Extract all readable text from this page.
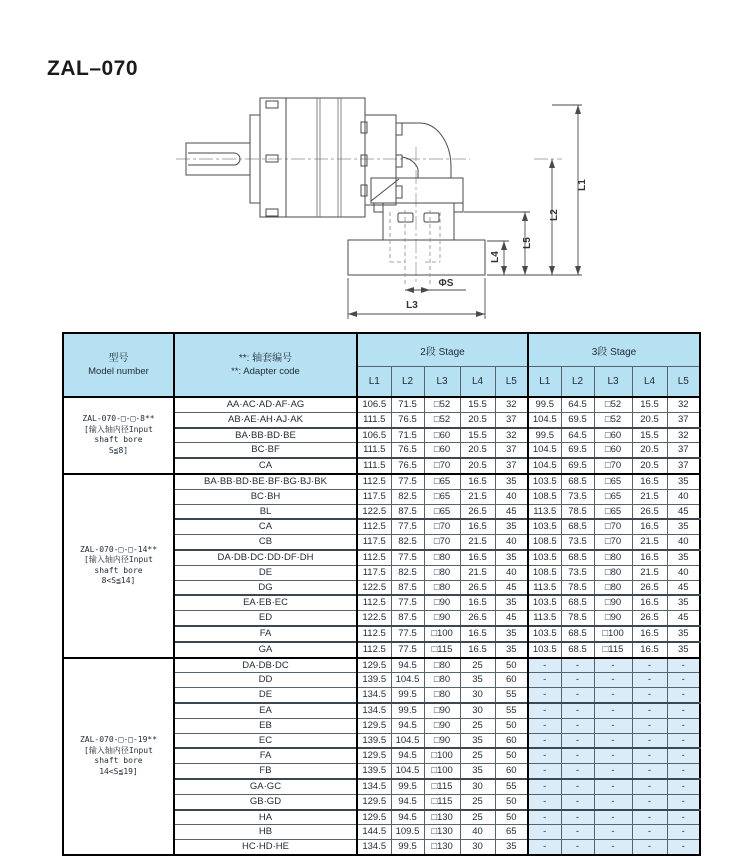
ZAL–070
L1
L2
L5
L4
L3
ΦS
型号
Model number

**: 轴套编号
**: Adapter code
	2段 Stage	3段 Stage
		L1	L2	L3	L4	L5	L1	L2	L3	L4	L5

ZAL-070-□-□-8**
[输入轴内径Input
shaft bore
S≦8]	AA·AC·AD·AF·AG	106.5	71.5	□52	15.5	32	99.5	64.5	□52	15.5	32
	AB·AE·AH·AJ·AK	111.5	76.5	□52	20.5	37	104.5	69.5	□52	20.5	37
	BA·BB·BD·BE	106.5	71.5	□60	15.5	32	99.5	64.5	□60	15.5	32
	BC·BF	111.5	76.5	□60	20.5	37	104.5	69.5	□60	20.5	37
	CA	111.5	76.5	□70	20.5	37	104.5	69.5	□70	20.5	37

ZAL-070-□-□-14**
[输入轴内径Input
shaft bore
8<S≦14]	BA·BB·BD·BE·BF·BG·BJ·BK	112.5	77.5	□65	16.5	35	103.5	68.5	□65	16.5	35
	BC·BH	117.5	82.5	□65	21.5	40	108.5	73.5	□65	21.5	40
	BL	122.5	87.5	□65	26.5	45	113.5	78.5	□65	26.5	45
	CA	112.5	77.5	□70	16.5	35	103.5	68.5	□70	16.5	35
	CB	117.5	82.5	□70	21.5	40	108.5	73.5	□70	21.5	40
	DA·DB·DC·DD·DF·DH	112.5	77.5	□80	16.5	35	103.5	68.5	□80	16.5	35
	DE	117.5	82.5	□80	21.5	40	108.5	73.5	□80	21.5	40
	DG	122.5	87.5	□80	26.5	45	113.5	78.5	□80	26.5	45
	EA·EB·EC	112.5	77.5	□90	16.5	35	103.5	68.5	□90	16.5	35
	ED	122.5	87.5	□90	26.5	45	113.5	78.5	□90	26.5	45
	FA	112.5	77.5	□100	16.5	35	103.5	68.5	□100	16.5	35
	GA	112.5	77.5	□115	16.5	35	103.5	68.5	□115	16.5	35

ZAL-070-□-□-19**
[输入轴内径Input
shaft bore
14<S≦19]	DA·DB·DC	129.5	94.5	□80	25	50	-	-	-	-	-
	DD	139.5	104.5	□80	35	60	-	-	-	-	-
	DE	134.5	99.5	□80	30	55	-	-	-	-	-
	EA	134.5	99.5	□90	30	55	-	-	-	-	-
	EB	129.5	94.5	□90	25	50	-	-	-	-	-
	EC	139.5	104.5	□90	35	60	-	-	-	-	-
	FA	129.5	94.5	□100	25	50	-	-	-	-	-
	FB	139.5	104.5	□100	35	60	-	-	-	-	-
	GA·GC	134.5	99.5	□115	30	55	-	-	-	-	-
	GB·GD	129.5	94.5	□115	25	50	-	-	-	-	-
	HA	129.5	94.5	□130	25	50	-	-	-	-	-
	HB	144.5	109.5	□130	40	65	-	-	-	-	-
	HC·HD·HE	134.5	99.5	□130	30	35	-	-	-	-	-
